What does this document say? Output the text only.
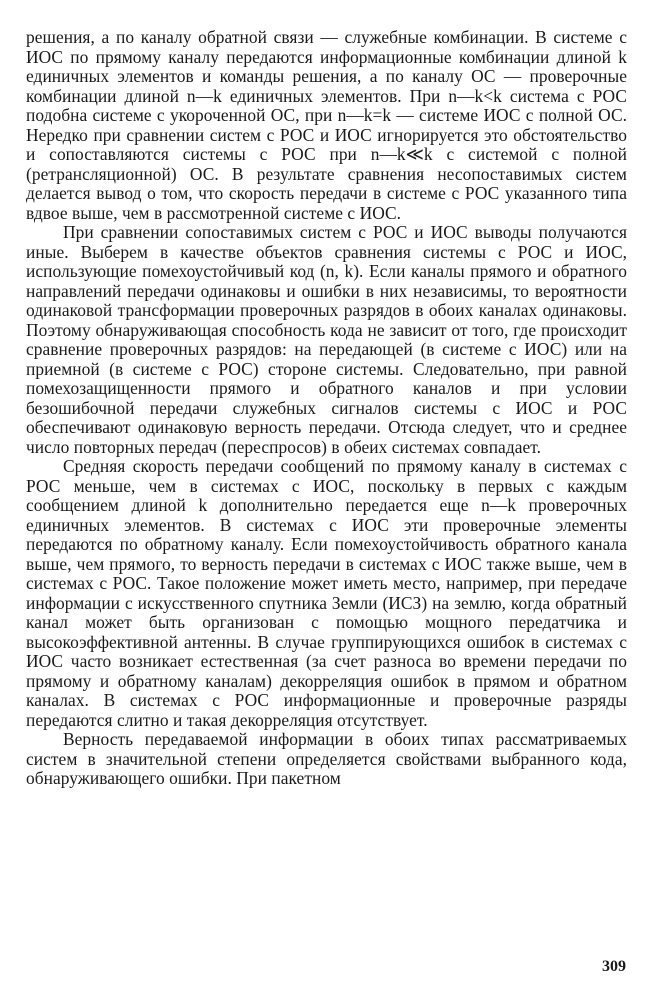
решения, а по каналу обратной связи — служебные комбинации. В системе с ИОС по прямому каналу передаются информационные комбинации длиной k единичных элементов и команды решения, а по каналу ОС — проверочные комбинации длиной n—k единичных элементов. При n—k<k система с РОС подобна системе с укороченной ОС, при n—k=k — системе ИОС с полной ОС. Нередко при сравнении систем с РОС и ИОС игнорируется это обстоятельство и сопоставляются системы с РОС при n—k≪k с системой с полной (ретрансляционной) ОС. В результате сравнения несопоставимых систем делается вывод о том, что скорость передачи в системе с РОС указанного типа вдвое выше, чем в рассмотренной системе с ИОС.

При сравнении сопоставимых систем с РОС и ИОС выводы получаются иные. Выберем в качестве объектов сравнения системы с РОС и ИОС, использующие помехоустойчивый код (n, k). Если каналы прямого и обратного направлений передачи одинаковы и ошибки в них независимы, то вероятности одинаковой трансформации проверочных разрядов в обоих каналах одинаковы. Поэтому обнаруживающая способность кода не зависит от того, где происходит сравнение проверочных разрядов: на передающей (в системе с ИОС) или на приемной (в системе с РОС) стороне системы. Следовательно, при равной помехозащищенности прямого и обратного каналов и при условии безошибочной передачи служебных сигналов системы с ИОС и РОС обеспечивают одинаковую верность передачи. Отсюда следует, что и среднее число повторных передач (переспросов) в обеих системах совпадает.

Средняя скорость передачи сообщений по прямому каналу в системах с РОС меньше, чем в системах с ИОС, поскольку в первых с каждым сообщением длиной k дополнительно передается еще n—k проверочных единичных элементов. В системах с ИОС эти проверочные элементы передаются по обратному каналу. Если помехоустойчивость обратного канала выше, чем прямого, то верность передачи в системах с ИОС также выше, чем в системах с РОС. Такое положение может иметь место, например, при передаче информации с искусственного спутника Земли (ИСЗ) на землю, когда обратный канал может быть организован с помощью мощного передатчика и высокоэффективной антенны. В случае группирующихся ошибок в системах с ИОС часто возникает естественная (за счет разноса во времени передачи по прямому и обратному каналам) декорреляция ошибок в прямом и обратном каналах. В системах с РОС информационные и проверочные разряды передаются слитно и такая декорреляция отсутствует.

Верность передаваемой информации в обоих типах рассматриваемых систем в значительной степени определяется свойствами выбранного кода, обнаруживающего ошибки. При пакетном

309
